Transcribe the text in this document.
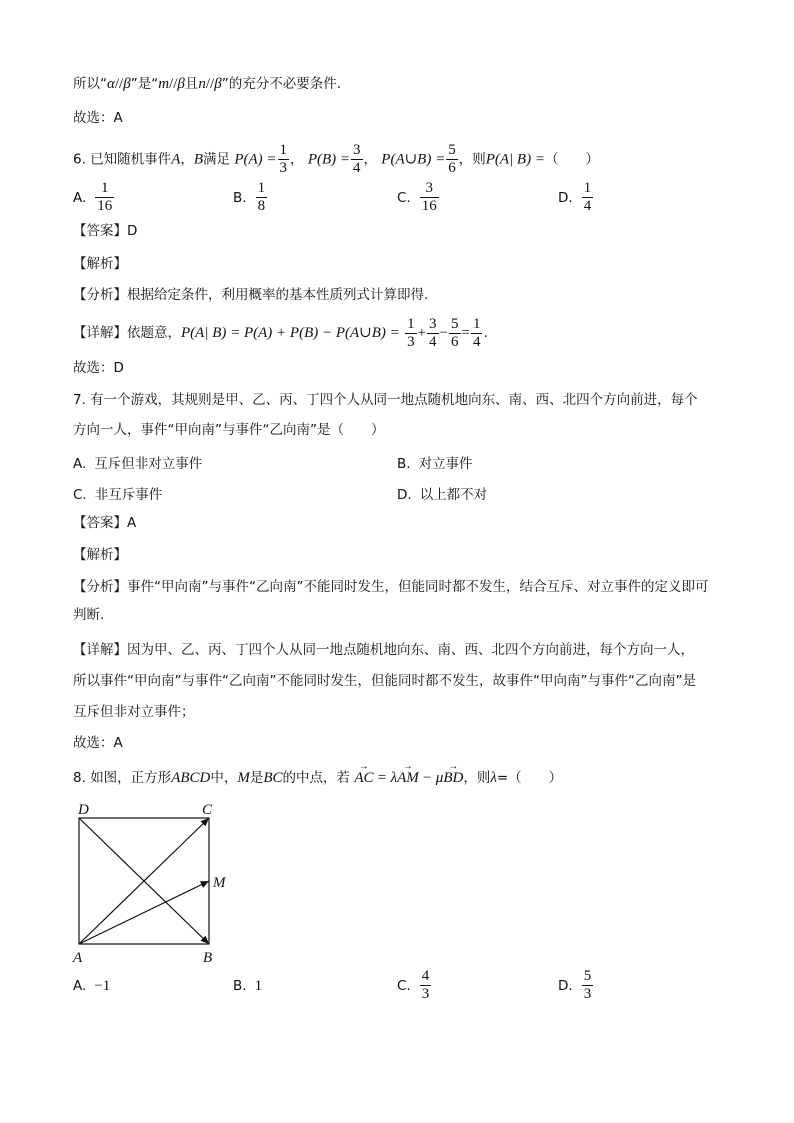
所以“α//β”是“m//β且n//β”的充分不必要条件.
故选：A
6. 已知随机事件A，B满足 $P(A) = \frac{1}{3}$ ， $P(B) = \frac{3}{4}$ ， P(A∪B) = $\frac{5}{6}$ ，则P(A| B) =（　　）
A. $\frac{1}{16}$	B. $\frac{1}{8}$	C. $\frac{3}{16}$	D. $\frac{1}{4}$
【答案】D
【解析】
【分析】根据给定条件，利用概率的基本性质列式计算即得.
【详解】依题意，P(A| B) = P(A) + P(B) − P(A∪B) = $\frac{1}{3} + \frac{3}{4} - \frac{5}{6} = \frac{1}{4}$ .
故选：D
7. 有一个游戏，其规则是甲、乙、丙、丁四个人从同一地点随机地向东、南、西、北四个方向前进，每个
方向一人，事件“甲向南”与事件“乙向南”是（　　）
A. 互斥但非对立事件	B. 对立事件
C. 非互斥事件	D. 以上都不对
【答案】A
【解析】
【分析】事件“甲向南”与事件“乙向南”不能同时发生，但能同时都不发生，结合互斥、对立事件的定义即可
判断.
【详解】因为甲、乙、丙、丁四个人从同一地点随机地向东、南、西、北四个方向前进，每个方向一人，
所以事件“甲向南”与事件“乙向南”不能同时发生，但能同时都不发生，故事件“甲向南”与事件“乙向南”是
互斥但非对立事件；
故选：A
8. 如图，正方形ABCD中，M是BC的中点，若 → AC = λ→ AM − μ→ BD，则λ=（　　）
D	C
A	B
M
A. −1	B. 1	C. $\frac{4}{3}$	D. $\frac{5}{3}$
